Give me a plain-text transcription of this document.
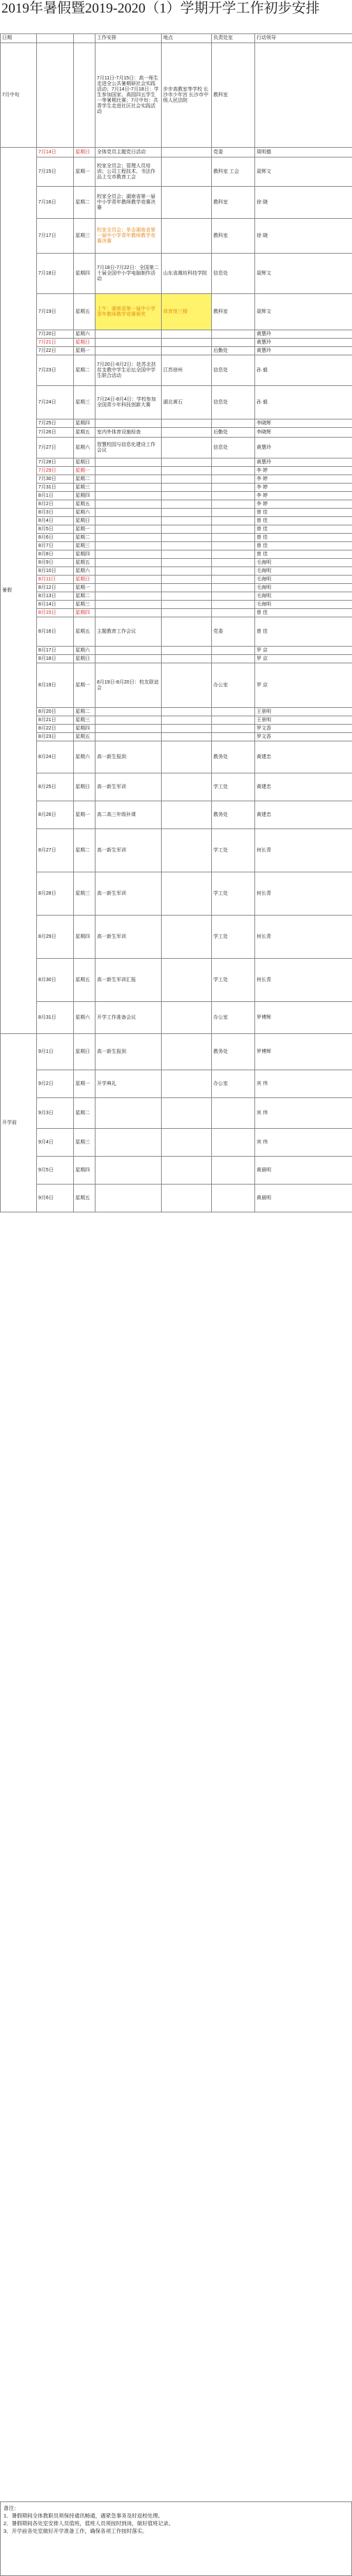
2019年暑假暨2019-2020（1）学期开学工作初步安排
日期			工作安排	地点	负责处室	行动领导
7月中旬			7月11日-7月15日：高一师生走进全公共暑期研社会实践活动；7月14日-7月18日：学生参加国家、高园四五学生一等暑期比赛；7月中旬：共青学生走进社区社会实践活动	步步高教室等学校 长沙市少年宫 长沙市中级人民法院	教科室	
暑假	7月14日	星期日	全体党员主题党日活动		党委	周明德
	7月15日	星期一	校家全员会；管理人员培训；公司工程技术、书法作品上交市教育工会		教科室 工会	聂辉文
	7月16日	星期二	校家全员会；湖南省第一届中小学青年教师教学竞赛决赛		教科室	徐 晓
	7月17日	星期三	校家全员会；单击湖南省第一届中小学青年教师教学竞赛决赛		教科室	徐 晓
	7月18日	星期四	7月18日-7月22日：全国第二十届全国中小学电脑制作活动	山东省潍坊科技学院	信息处	聂辉文
	7月19日	星期五	上午：湖南省第一届中小学青年教师教学竞赛颁奖	体育馆三楼	教科室	聂辉文
	7月20日	星期六				黄慧玲
	7月21日	星期日				黄慧玲
	7月22日	星期一			后勤处	黄慧玲
	7月23日	星期二	7月20日-8月2日：赴苏北扶贫支教中学生论坛全国中学生联合活动	江苏徐州	信息处	孙 毅
	7月24日	星期三	7月24日-8月4日：学校参加全国青少年科技创新大赛	湖北黄石	信息处	孙 毅
	7月25日	星期四				李晓辉
	7月26日	星期五	室内外体育设施检查		后勤处	李晓辉
	7月27日	星期六	智慧校园与信息化建设工作会议		信息处	黄慧玲
	7月28日	星期日				黄慧玲
	7月29日	星期一				李 婷
	7月30日	星期二				李 婷
	7月31日	星期三				李 婷
	8月1日	星期四				李 婷
	8月2日	星期五				李 婷
	8月3日	星期六				曾 佳
	8月4日	星期日				曾 佳
	8月5日	星期一				曾 佳
	8月6日	星期二				曾 佳
	8月7日	星期三				曾 佳
	8月8日	星期四				曾 佳
	8月9日	星期五				毛海明
	8月10日	星期六				毛海明
	8月11日	星期日				毛海明
	8月12日	星期一				毛海明
	8月13日	星期二				毛海明
	8月14日	星期三				毛海明
	8月15日	星期四				曾 佳
	8月16日	星期五	主题教育工作会议		党委	曾 佳
	8月17日	星期六				罗 京
	8月18日	星期日				罗 京
	8月19日	星期一	8月19日-8月20日：校友联谊会		办公室	罗 京
	8月20日	星期二				王景明
	8月21日	星期三				王景明
	8月22日	星期四				罗文香
	8月23日	星期五				罗文香
	8月24日	星期六	高一新生报到		教务处	黄建忠
	8月25日	星期日	高一新生军训		学工处	黄建忠
	8月26日	星期一	高二高三年级补课		教务处	黄建忠
	8月27日	星期二	高一新生军训		学工处	何长青
	8月28日	星期三	高一新生军训		学工处	何长青
	8月29日	星期四	高一新生军训		学工处	何长青
	8月30日	星期五	高一新生军训汇报		学工处	何长青
	8月31日	星期六	开学工作准备会议		办公室	罗博辉
开学前	9月1日	星期日	高一新生报到		教务处	罗博辉
	9月2日	星期一	开学典礼		办公室	宾 伟
	9月3日	星期二				宾 伟
	9月4日	星期三				宾 伟
	9月5日	星期四				黄晨明
	9月6日	星期五				黄晨明
备注：
1．暑假期间全体教职员须保持通讯畅通，遇紧急事务及时返校处理。
2．暑假期间各处室安排人员值班，值班人员须按时到岗，做好值班记录。
3．开学前各处室做好开学准备工作，确保各项工作按时落实。
